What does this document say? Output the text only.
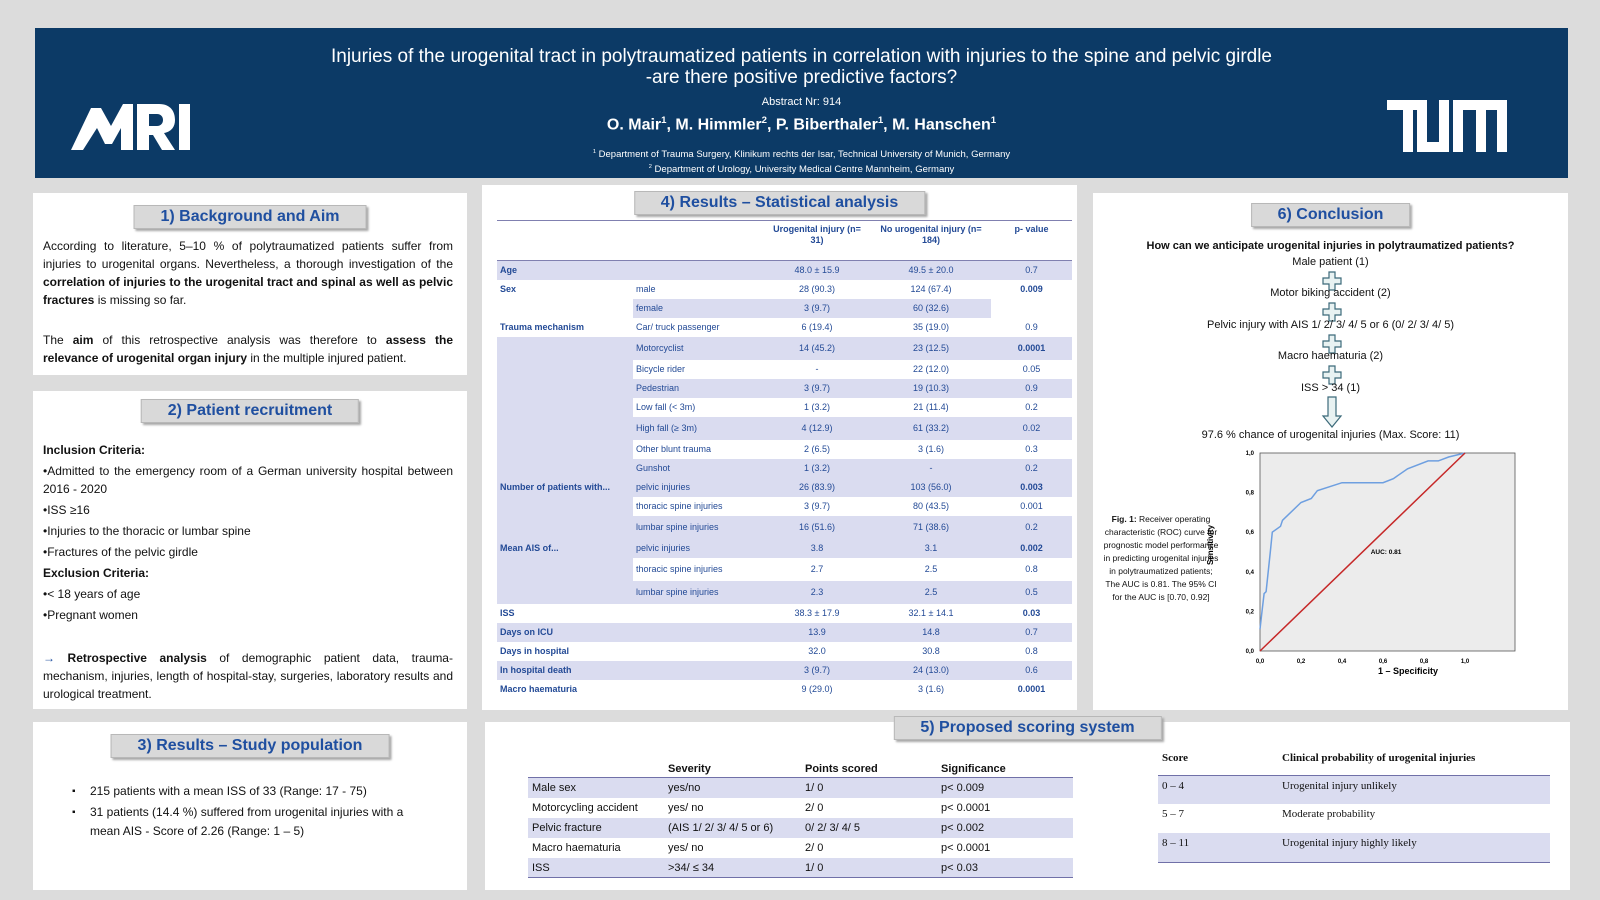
Injuries of the urogenital tract in polytraumatized patients in correlation with injuries to the spine and pelvic girdle
-are there positive predictive factors?
Abstract Nr: 914
O. Mair$^1$, M. Himmler$^2$, P. Biberthaler$^1$, M. Hanschen$^1$
$^1$ Department of Trauma Surgery, Klinikum rechts der Isar, Technical University of Munich, Germany
$^2$ Department of Urology, University Medical Centre Mannheim, Germany
1) Background and Aim
According to literature, 5–10 % of polytraumatized patients suffer from injuries to urogenital organs. Nevertheless, a thorough investigation of the correlation of injuries to the urogenital tract and spinal as well as pelvic fractures is missing so far.
The aim of this retrospective analysis was therefore to assess the relevance of urogenital organ injury in the multiple injured patient.
2) Patient recruitment
Inclusion Criteria:
•Admitted to the emergency room of a German university hospital between 2016 - 2020
•ISS ≥16
•Injuries to the thoracic or lumbar spine
•Fractures of the pelvic girdle
Exclusion Criteria:
•< 18 years of age
•Pregnant women
→ Retrospective analysis of demographic patient data, trauma-mechanism, injuries, length of hospital-stay, surgeries, laboratory results and urological treatment.
3) Results – Study population
▪ 215 patients with a mean ISS of 33 (Range: 17 - 75)
▪ 31 patients (14.4 %) suffered from urogenital injuries with a mean AIS - Score of 2.26 (Range: 1 – 5)
4) Results – Statistical analysis
		Urogenital injury (n= 31)	No urogenital injury (n= 184)	p- value
Age		48.0 ± 15.9	49.5 ± 20.0	0.7
Sex	male	28 (90.3)	124 (67.4)	0.009
	female	3 (9.7)	60 (32.6)	
Trauma mechanism	Car/ truck passenger	6 (19.4)	35 (19.0)	0.9
	Motorcyclist	14 (45.2)	23 (12.5)	0.0001
	Bicycle rider	-	22 (12.0)	0.05
	Pedestrian	3 (9.7)	19 (10.3)	0.9
	Low fall (< 3m)	1 (3.2)	21 (11.4)	0.2
	High fall (≥ 3m)	4 (12.9)	61 (33.2)	0.02
	Other blunt trauma	2 (6.5)	3 (1.6)	0.3
	Gunshot	1 (3.2)	-	0.2
Number of patients with...	pelvic injuries	26 (83.9)	103 (56.0)	0.003
	thoracic spine injuries	3 (9.7)	80 (43.5)	0.001
	lumbar spine injuries	16 (51.6)	71 (38.6)	0.2
Mean AIS of...	pelvic injuries	3.8	3.1	0.002
	thoracic spine injuries	2.7	2.5	0.8
	lumbar spine injuries	2.3	2.5	0.5
ISS		38.3 ± 17.9	32.1 ± 14.1	0.03
Days on ICU		13.9	14.8	0.7
Days in hospital		32.0	30.8	0.8
In hospital death		3 (9.7)	24 (13.0)	0.6
Macro haematuria		9 (29.0)	3 (1.6)	0.0001
6) Conclusion
How can we anticipate urogenital injuries in polytraumatized patients?
Male patient (1)
Motor biking accident (2)
Pelvic injury with AIS 1/ 2/ 3/ 4/ 5 or 6 (0/ 2/ 3/ 4/ 5)
Macro haematuria (2)
ISS > 34 (1)
97.6 % chance of urogenital injuries (Max. Score: 11)
Fig. 1: Receiver operating characteristic (ROC) curve for prognostic model performance in predicting urogenital injuries in polytraumatized patients; The AUC is 0.81. The 95% CI for the AUC is [0.70, 0.92]
Sensitivity
1 – Specificity
0,0	0,2	0,4	0,6	0,8	1,0
0,0
0,2
0,4
0,6
0,8
1,0
AUC: 0.81
5) Proposed scoring system
	Severity	Points scored	Significance
Male sex	yes/no	1/ 0	p< 0.009
Motorcycling accident	yes/ no	2/ 0	p< 0.0001
Pelvic fracture	(AIS 1/ 2/ 3/ 4/ 5 or 6)	0/ 2/ 3/ 4/ 5	p< 0.002
Macro haematuria	yes/ no	2/ 0	p< 0.0001
ISS	>34/ ≤ 34	1/ 0	p< 0.03
Score	Clinical probability of urogenital injuries
0 – 4	Urogenital injury unlikely
5 – 7	Moderate probability
8 – 11	Urogenital injury highly likely
